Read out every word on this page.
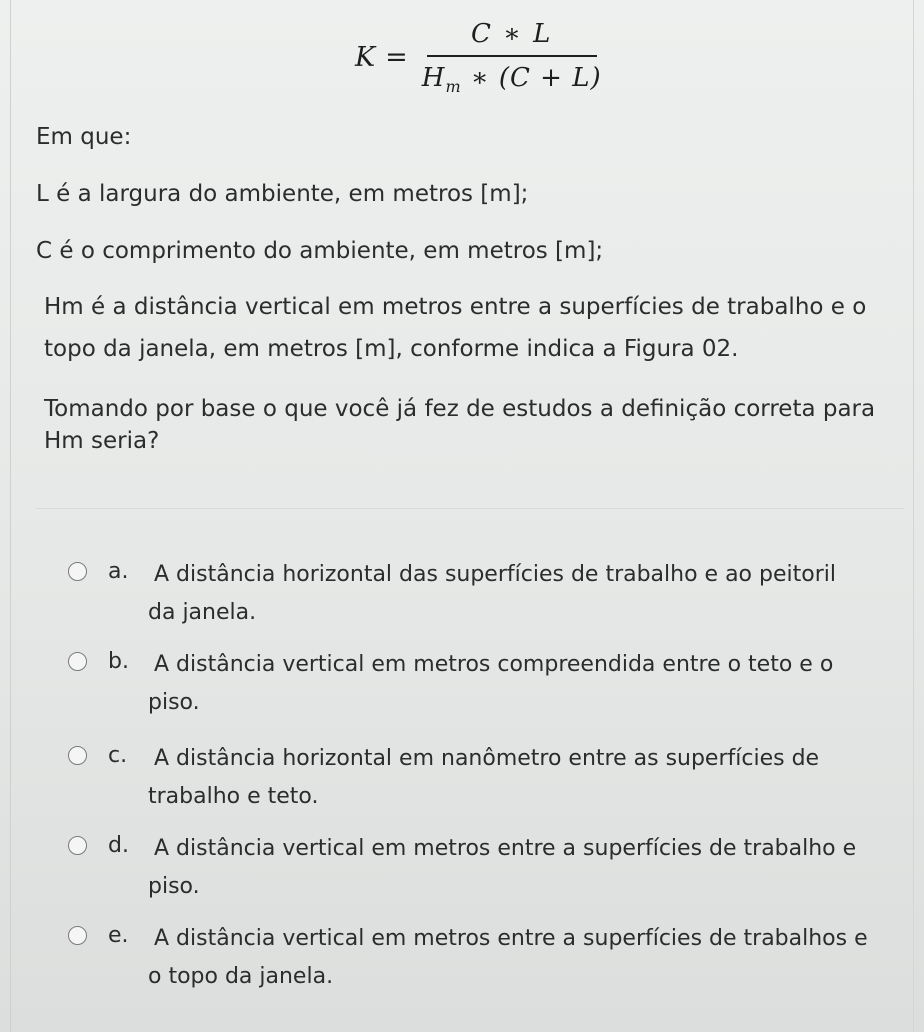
$K = \frac{C ∗ L}{H_m ∗ (C + L)}$
Em que:
L é a largura do ambiente, em metros [m];
C é o comprimento do ambiente, em metros [m];
Hm é a distância vertical em metros entre a superfícies de trabalho e o
topo da janela, em metros [m], conforme indica a Figura 02.
Tomando por base o que você já fez de estudos a definição correta para
Hm seria?
a. A distância horizontal das superfícies de trabalho e ao peitoril
da janela.
b. A distância vertical em metros compreendida entre o teto e o
piso.
c. A distância horizontal em nanômetro entre as superfícies de
trabalho e teto.
d. A distância vertical em metros entre a superfícies de trabalho e
piso.
e. A distância vertical em metros entre a superfícies de trabalhos e
o topo da janela.
